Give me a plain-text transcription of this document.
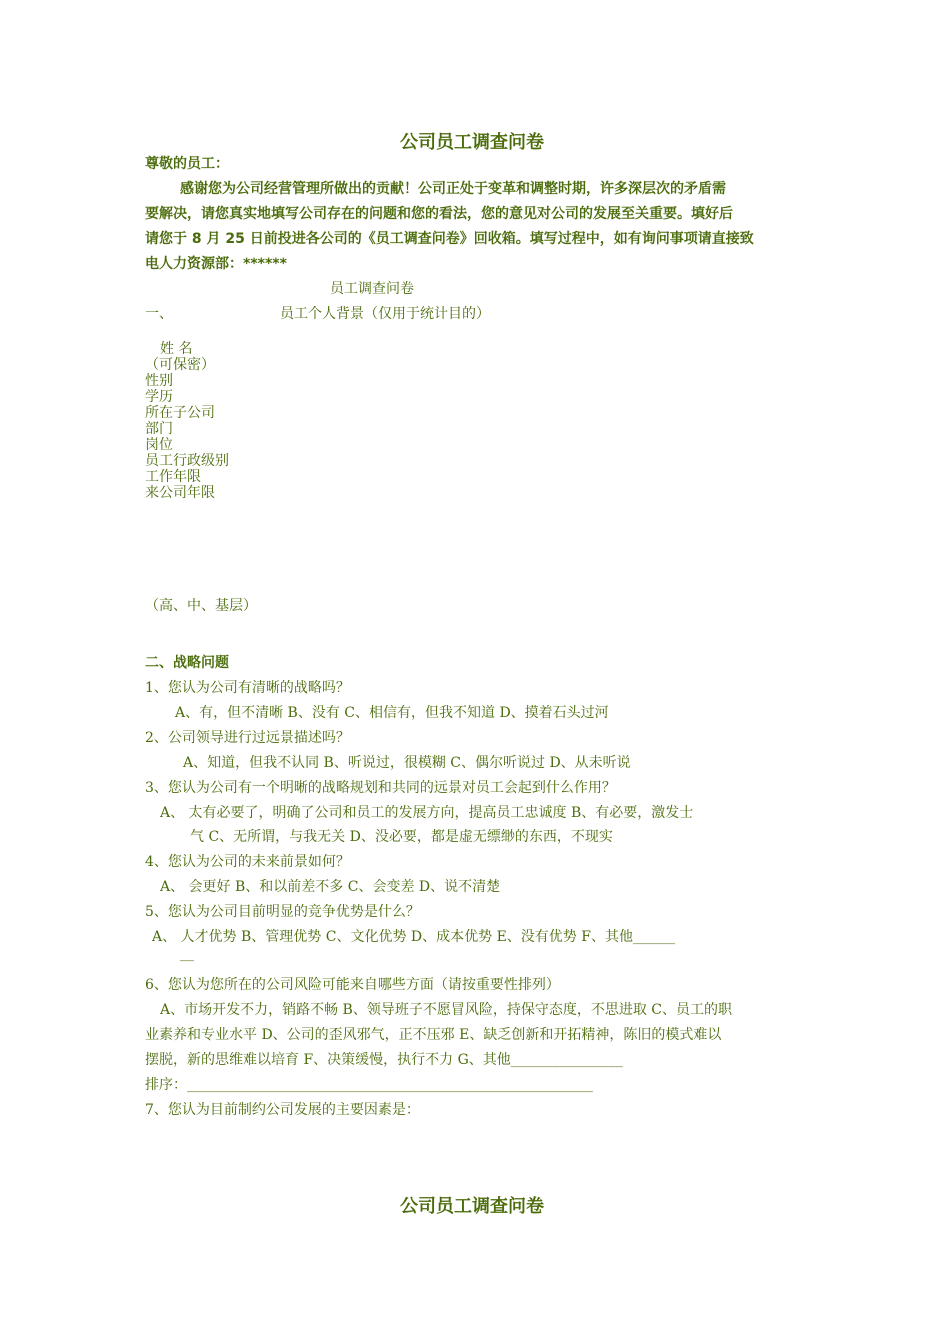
公司员工调查问卷
尊敬的员工：
感谢您为公司经营管理所做出的贡献！公司正处于变革和调整时期，许多深层次的矛盾需
要解决，请您真实地填写公司存在的问题和您的看法，您的意见对公司的发展至关重要。填好后
请您于 8 月 25 日前投进各公司的《员工调查问卷》回收箱。填写过程中，如有询问事项请直接致
电人力资源部：******
员工调查问卷
一、	员工个人背景（仅用于统计目的）
姓 名
（可保密）
性别
学历
所在子公司
部门
岗位
员工行政级别
工作年限
来公司年限
（高、中、基层）
二、战略问题
1、您认为公司有清晰的战略吗？
A、有，但不清晰 B、没有 C、相信有，但我不知道 D、摸着石头过河
2、公司领导进行过远景描述吗？
A、知道，但我不认同 B、听说过，很模糊 C、偶尔听说过 D、从未听说
3、您认为公司有一个明晰的战略规划和共同的远景对员工会起到什么作用？
A、 太有必要了，明确了公司和员工的发展方向，提高员工忠诚度 B、有必要，激发士
气 C、无所谓，与我无关 D、没必要，都是虚无缥缈的东西，不现实
4、您认为公司的未来前景如何？
A、 会更好 B、和以前差不多 C、会变差 D、说不清楚
5、您认为公司目前明显的竞争优势是什么？
A、 人才优势 B、管理优势 C、文化优势 D、成本优势 E、没有优势 F、其他______
__
6、您认为您所在的公司风险可能来自哪些方面（请按重要性排列）
A、市场开发不力，销路不畅 B、领导班子不愿冒风险，持保守态度，不思进取 C、员工的职
业素养和专业水平 D、公司的歪风邪气，正不压邪 E、缺乏创新和开拓精神，陈旧的模式难以
摆脱，新的思维难以培育 F、决策缓慢，执行不力 G、其他________________
排序：__________________________________________________________
7、您认为目前制约公司发展的主要因素是：
公司员工调查问卷
